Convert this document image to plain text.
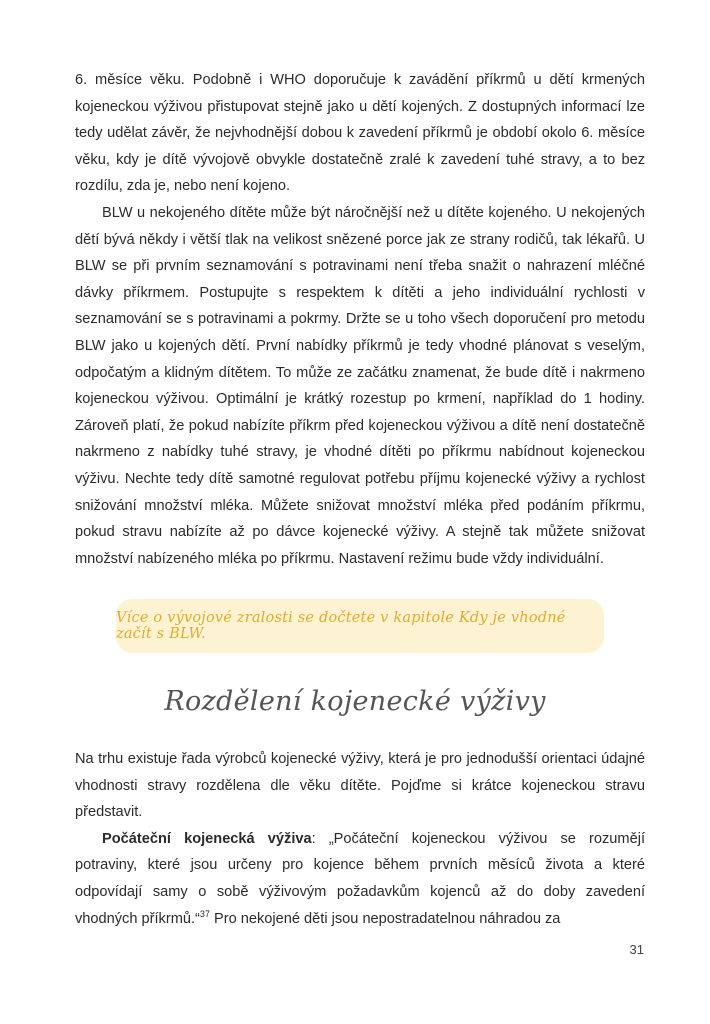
6. měsíce věku. Podobně i WHO doporučuje k zavádění příkrmů u dětí krmených kojeneckou výživou přistupovat stejně jako u dětí kojených. Z dostupných informací lze tedy udělat závěr, že nejvhodnější dobou k zavedení příkrmů je období okolo 6. měsíce věku, kdy je dítě vývojově obvykle dostatečně zralé k zavedení tuhé stravy, a to bez rozdílu, zda je, nebo není kojeno.

BLW u nekojeného dítěte může být náročnější než u dítěte kojeného. U nekojených dětí bývá někdy i větší tlak na velikost snězené porce jak ze strany rodičů, tak lékařů. U BLW se při prvním seznamování s potravinami není třeba snažit o nahrazení mléčné dávky příkrmem. Postupujte s respektem k dítěti a jeho individuální rychlosti v seznamování se s potravinami a pokrmy. Držte se u toho všech doporučení pro metodu BLW jako u kojených dětí. První nabídky příkrmů je tedy vhodné plánovat s veselým, odpočatým a klidným dítětem. To může ze začátku znamenat, že bude dítě i nakrmeno kojeneckou výživou. Optimální je krátký rozestup po krmení, například do 1 hodiny. Zároveň platí, že pokud nabízíte příkrm před kojeneckou výživou a dítě není dostatečně nakrmeno z nabídky tuhé stravy, je vhodné dítěti po příkrmu nabídnout kojeneckou výživu. Nechte tedy dítě samotné regulovat potřebu příjmu kojenecké výživy a rychlost snižování množství mléka. Můžete snižovat množství mléka před podáním příkrmu, pokud stravu nabízíte až po dávce kojenecké výživy. A stejně tak můžete snižovat množství nabízeného mléka po příkrmu. Nastavení režimu bude vždy individuální.

Více o vývojové zralosti se dočtete v kapitole Kdy je vhodné začít s BLW.
Rozdělení kojenecké výživy

Na trhu existuje řada výrobců kojenecké výživy, která je pro jednodušší orientaci údajné vhodnosti stravy rozdělena dle věku dítěte. Pojďme si krátce kojeneckou stravu představit.

Počáteční kojenecká výživa: „Počáteční kojeneckou výživou se rozumějí potraviny, které jsou určeny pro kojence během prvních měsíců života a které odpovídají samy o sobě výživovým požadavkům kojenců až do doby zavedení vhodných příkrmů.“$^{37}$ Pro nekojené děti jsou nepostradatelnou náhradou za

31
